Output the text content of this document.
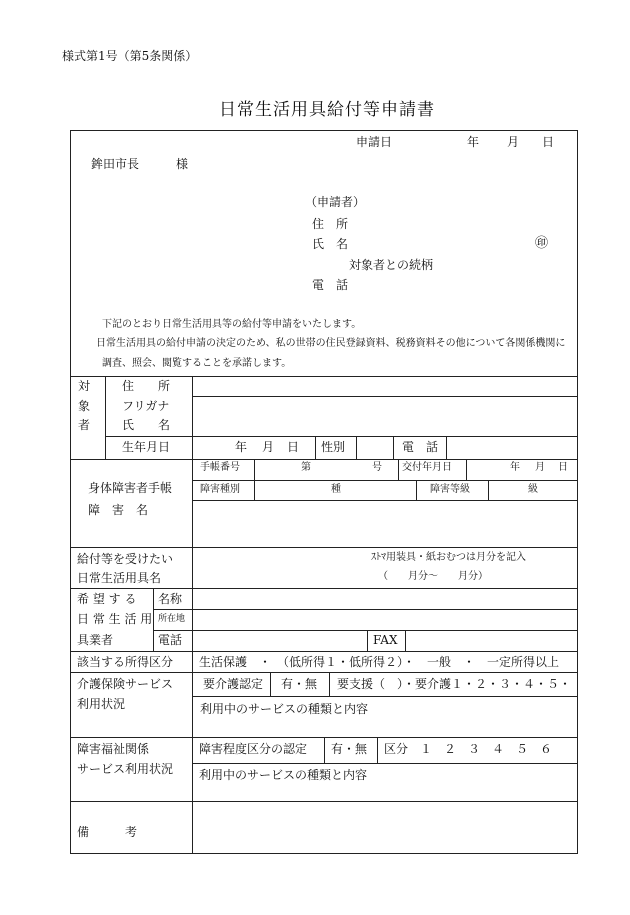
様式第1号（第5条関係）
日常生活用具給付等申請書
申請日	年 月 日
鉾田市長	様
（申請者）
住　所
氏　名	㊞
対象者との続柄
電　話
下記のとおり日常生活用具等の給付等申請をいたします。
日常生活用具の給付申請の決定のため、私の世帯の住民登録資料、税務資料その他について各関係機関に
調査、照会、閲覧することを承諾します。
対
象
者
住　　所
フリガナ
氏　　名
生年月日	年 月 日 性別	電　話
身体障害者手帳
障　害　名
手帳番号	第	号 交付年月日	年 月 日
障害種別	種	障害等級	級
給付等を受けたい
日常生活用具名
ｽﾄﾏ用装具・紙おむつは月分を記入
（　　月分～　　月分）
希 望 す る
日 常 生 活 用
具業者
名称
所在地
電話	FAX
該当する所得区分 生活保護　・　（低所得１・低所得２）・　一般　・　一定所得以上
介護保険サービス
利用状況
要介護認定 有・無 要支援（　）・要介護１・２・３・４・５・
利用中のサービスの種類と内容
障害福祉関係
サービス利用状況
障害程度区分の認定 有・無 区分　１　２　３　４　５　６
利用中のサービスの種類と内容
備　　　考
